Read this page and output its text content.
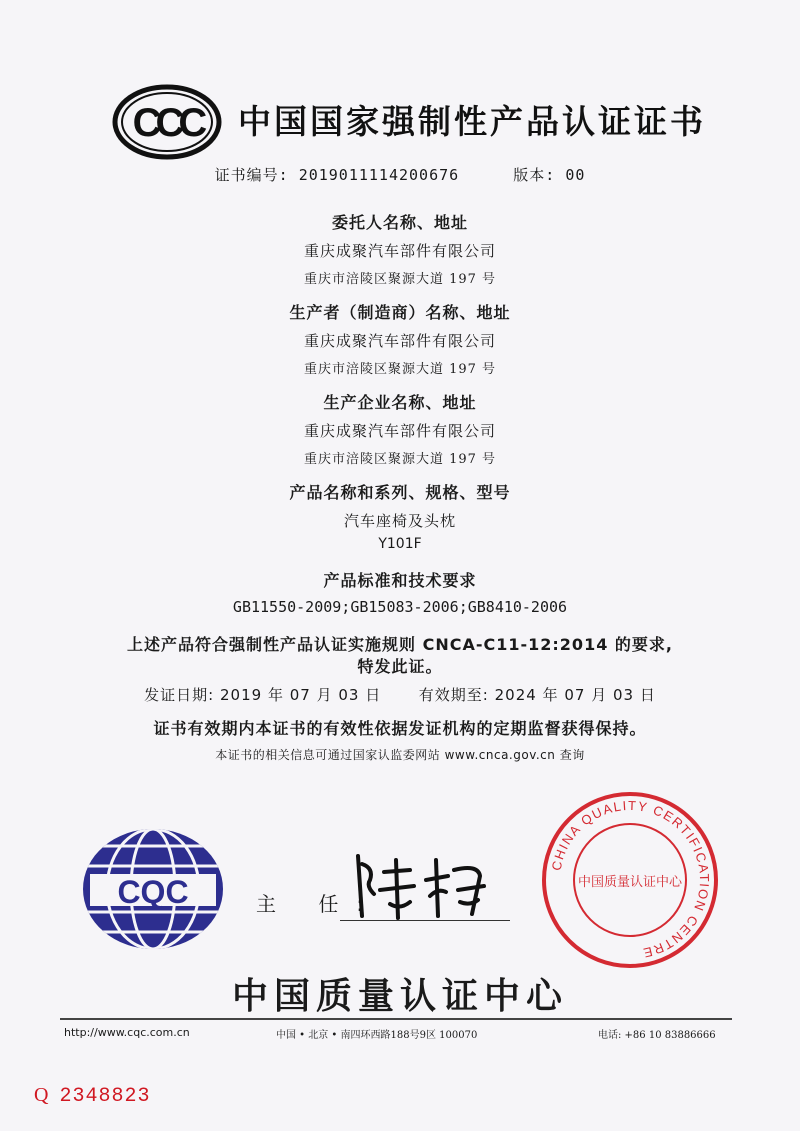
CCC 中国国家强制性产品认证证书
证书编号: 2019011114200676	版本: 00
委托人名称、地址
重庆成聚汽车部件有限公司
重庆市涪陵区聚源大道 197 号
生产者（制造商）名称、地址
重庆成聚汽车部件有限公司
重庆市涪陵区聚源大道 197 号
生产企业名称、地址
重庆成聚汽车部件有限公司
重庆市涪陵区聚源大道 197 号
产品名称和系列、规格、型号
汽车座椅及头枕
Y101F
产品标准和技术要求
GB11550-2009;GB15083-2006;GB8410-2006
上述产品符合强制性产品认证实施规则 CNCA-C11-12:2014 的要求,
特发此证。
发证日期: 2019 年 07 月 03 日	有效期至: 2024 年 07 月 03 日
证书有效期内本证书的有效性依据发证机构的定期监督获得保持。
本证书的相关信息可通过国家认监委网站 www.cnca.gov.cn 查询
CQC	主 任:
CHINA QUALITY CERTIFICATION CENTRE
中国质量认证中心
中国质量认证中心
http://www.cqc.com.cn	中国 • 北京 • 南四环西路188号9区 100070	电话: +86 10 83886666
Q 2348823
